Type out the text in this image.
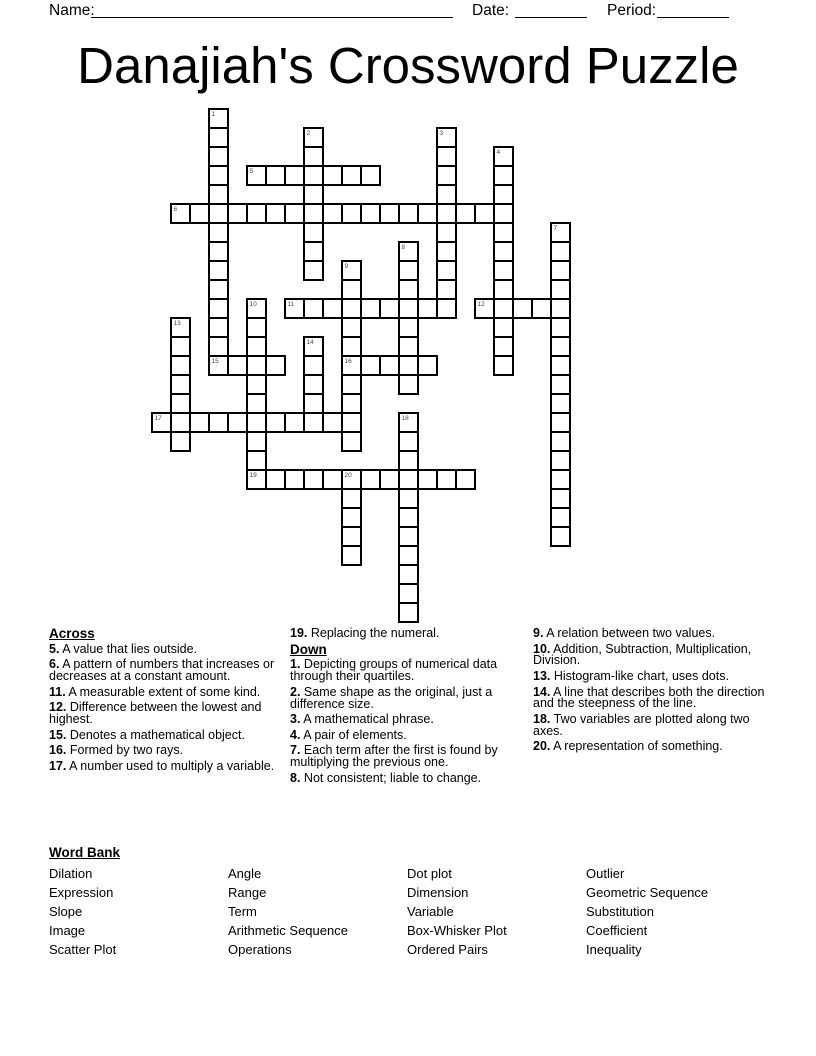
Name:	Date:	Period:
Danajiah's Crossword Puzzle
1
15
2	3
4
5
6
7
8
9
16
10
19
11	12
13
14
17	18
20
Across

5. A value that lies outside.

6. A pattern of numbers that increases or decreases at a constant amount.

11. A measurable extent of some kind.

12. Difference between the lowest and highest.

15. Denotes a mathematical object.

16. Formed by two rays.

17. A number used to multiply a variable.

19. Replacing the numeral.

Down

1. Depicting groups of numerical data through their quartiles.

2. Same shape as the original, just a difference size.

3. A mathematical phrase.

4. A pair of elements.

7. Each term after the first is found by multiplying the previous one.

8. Not consistent; liable to change.

9. A relation between two values.

10. Addition, Subtraction, Multiplication, Division.

13. Histogram-like chart, uses dots.

14. A line that describes both the direction and the steepness of the line.

18. Two variables are plotted along two axes.

20. A representation of something.

Word Bank
Dilation
Expression
Slope
Image
Scatter Plot
Angle
Range
Term
Arithmetic Sequence
Operations
Dot plot
Dimension
Variable
Box-Whisker Plot
Ordered Pairs
Outlier
Geometric Sequence
Substitution
Coefficient
Inequality
